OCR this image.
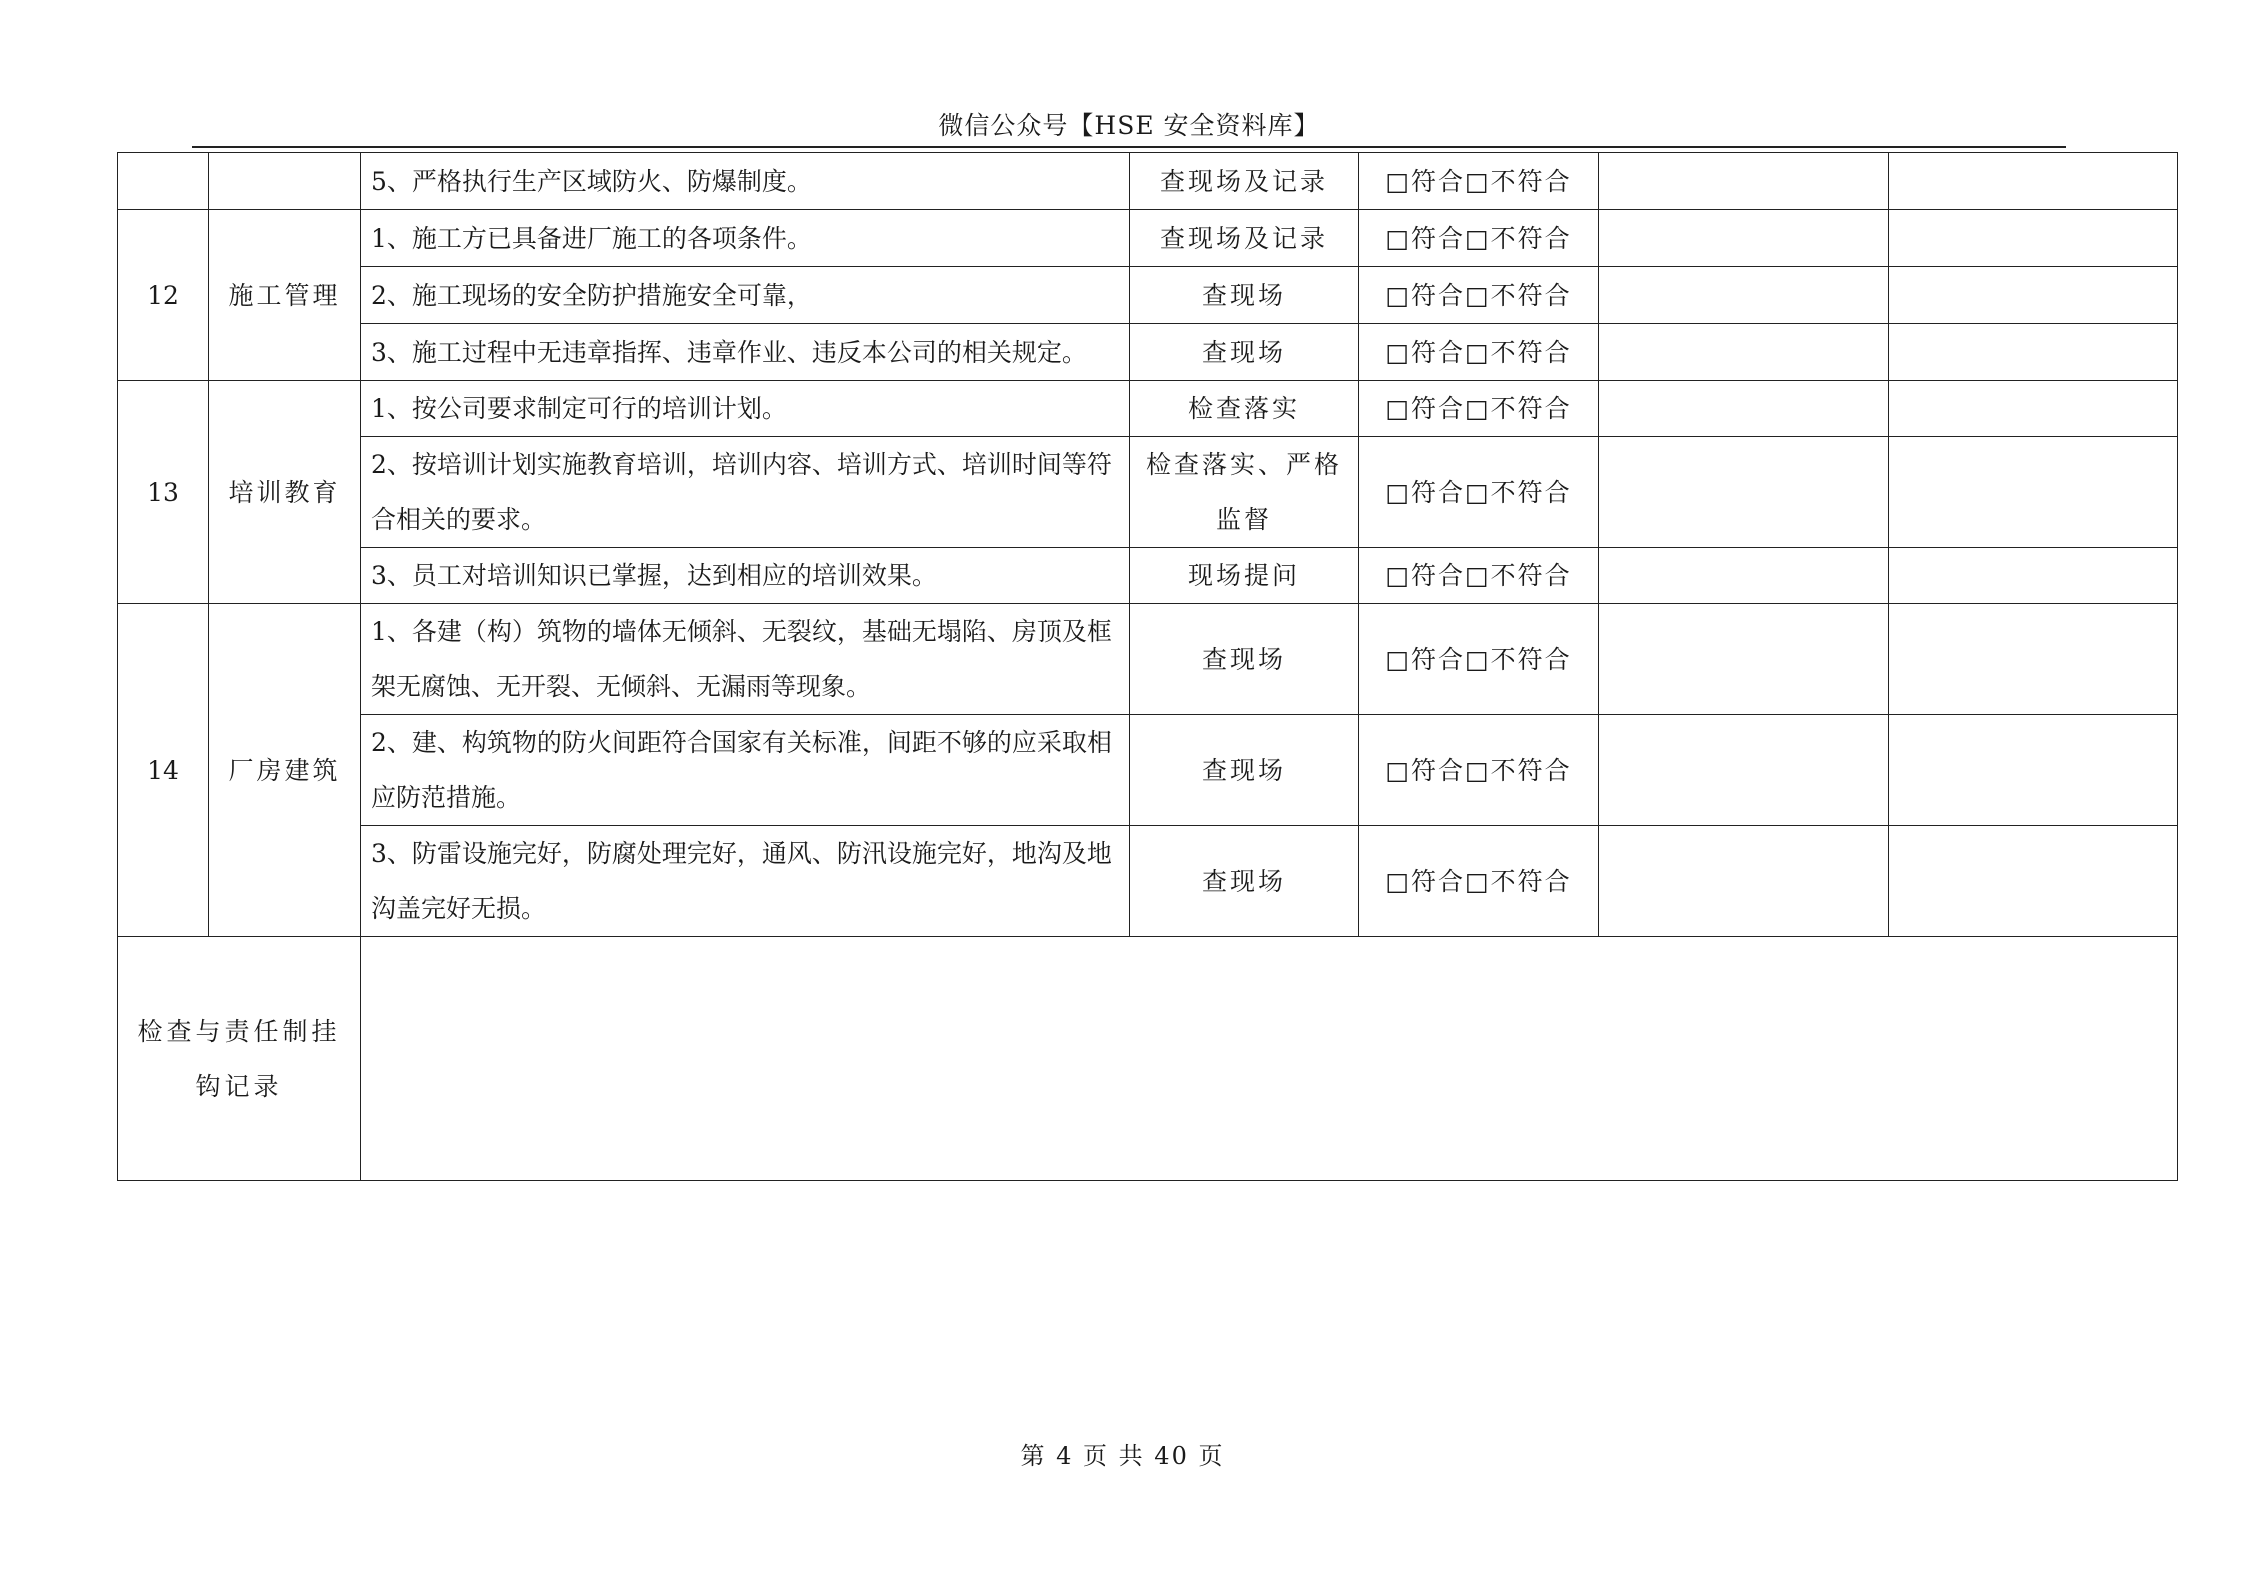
微信公众号【HSE 安全资料库】
		5、严格执行生产区域防火、防爆制度。	查现场及记录	□符合□不符合		
12	施工管理	1、施工方已具备进厂施工的各项条件。	查现场及记录	□符合□不符合		
		2、施工现场的安全防护措施安全可靠，	查现场	□符合□不符合		
		3、施工过程中无违章指挥、违章作业、违反本公司的相关规定。	查现场	□符合□不符合		
13	培训教育	1、按公司要求制定可行的培训计划。	检查落实	□符合□不符合		
		2、按培训计划实施教育培训，培训内容、培训方式、培训时间等符合相关的要求。	检查落实、严格监督	□符合□不符合		
		3、员工对培训知识已掌握，达到相应的培训效果。	现场提问	□符合□不符合		
14	厂房建筑	1、各建（构）筑物的墙体无倾斜、无裂纹，基础无塌陷、房顶及框架无腐蚀、无开裂、无倾斜、无漏雨等现象。	查现场	□符合□不符合		
		2、建、构筑物的防火间距符合国家有关标准，间距不够的应采取相应防范措施。	查现场	□符合□不符合		
		3、防雷设施完好，防腐处理完好，通风、防汛设施完好，地沟及地沟盖完好无损。	查现场	□符合□不符合		
检查与责任制挂钩记录						
第 4 页 共 40 页
